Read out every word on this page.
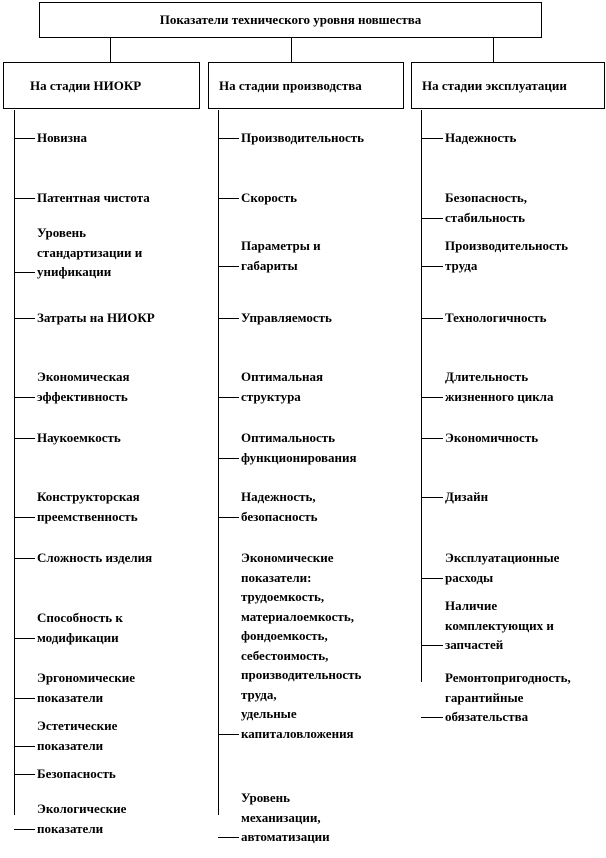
Показатели технического уровня новшества
На стадии НИОКР	На стадии производства	На стадии эксплуатации
Новизна
Патентная чистота
Уровень
стандартизации и
унификации
Затраты на НИОКР
Экономическая
эффективность
Наукоемкость
Конструкторская
преемственность
Сложность изделия
Способность к
модификации
Эргономические
показатели
Эстетические
показатели
Безопасность
Экологические
показатели
Производительность
Скорость
Параметры и
габариты
Управляемость
Оптимальная
структура
Оптимальность
функционирования
Надежность,
безопасность
Экономические
показатели:
трудоемкость,
материалоемкость,
фондоемкость,
себестоимость,
производительность
труда,
удельные
капиталовложения
Уровень
механизации,
автоматизации
Надежность
Безопасность,
стабильность
Производительность
труда
Технологичность
Длительность
жизненного цикла
Экономичность
Дизайн
Эксплуатационные
расходы
Наличие
комплектующих и
запчастей
Ремонтопригодность,
гарантийные
обязательства
